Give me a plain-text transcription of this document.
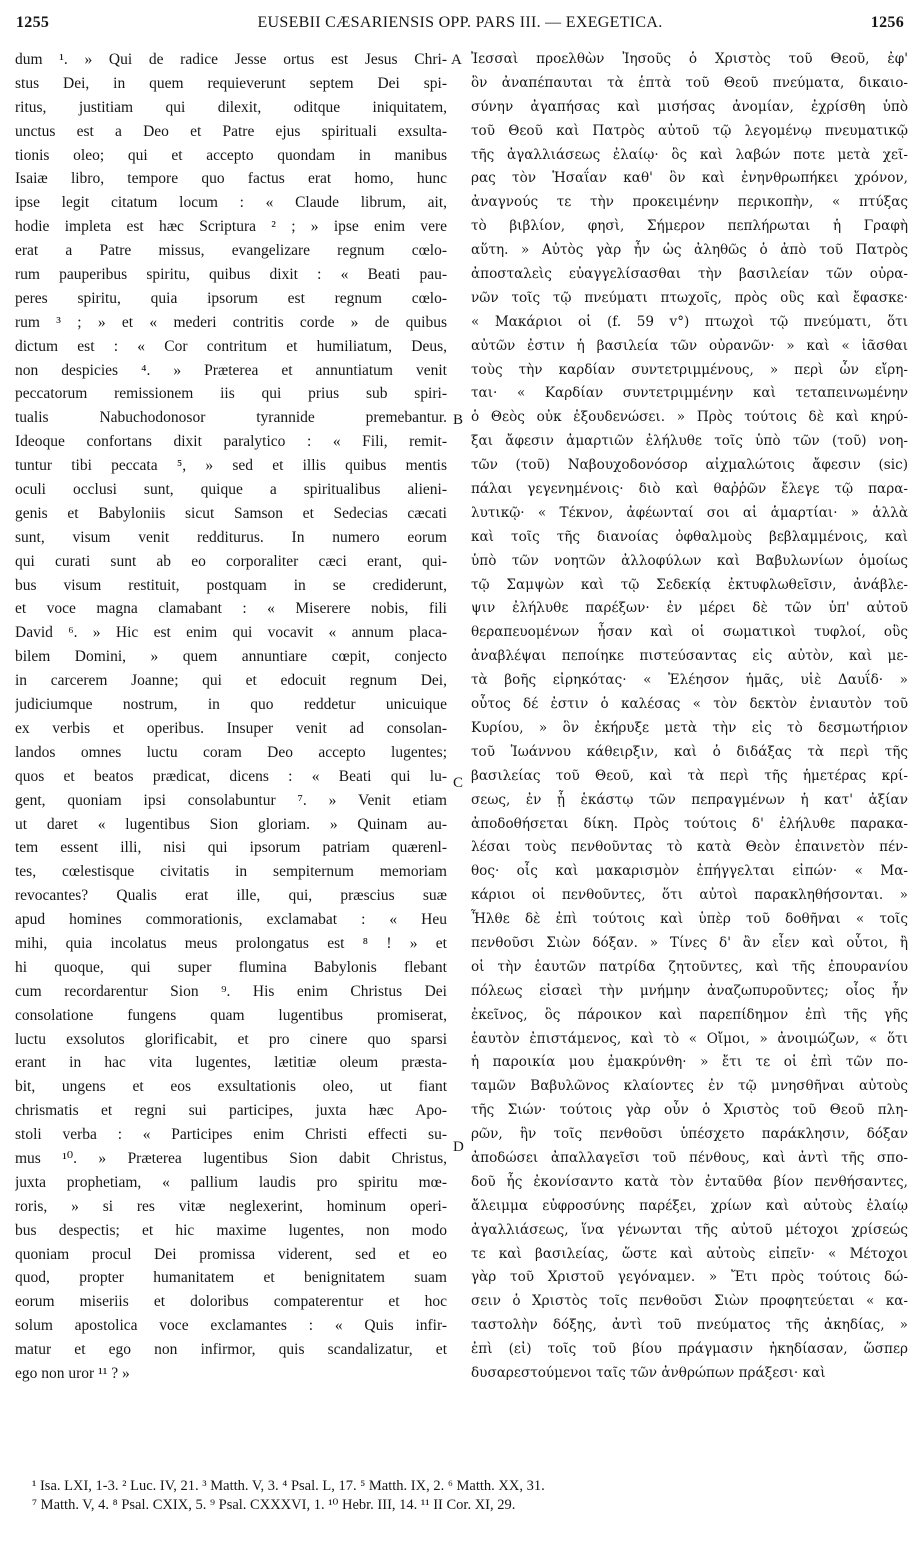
1255	EUSEBII CÆSARIENSIS OPP. PARS III. — EXEGETICA.	1256
dum ¹. » Qui de radice Jesse ortus est Jesus Chri-
stus Dei, in quem requieverunt septem Dei spi-
ritus, justitiam qui dilexit, oditque iniquitatem,
unctus est a Deo et Patre ejus spirituali exsulta-
tionis oleo; qui et accepto quondam in manibus
Isaiæ libro, tempore quo factus erat homo, hunc
ipse legit citatum locum : « Claude librum, ait,
hodie impleta est hæc Scriptura ² ; » ipse enim vere
erat a Patre missus, evangelizare regnum cœlo-
rum pauperibus spiritu, quibus dixit : « Beati pau-
peres spiritu, quia ipsorum est regnum cœlo-
rum ³ ; » et « mederi contritis corde » de quibus
dictum est : « Cor contritum et humiliatum, Deus,
non despicies ⁴. » Præterea et annuntiatum venit
peccatorum remissionem iis qui prius sub spiri-
tualis Nabuchodonosor tyrannide premebantur.
Ideoque confortans dixit paralytico : « Fili, remit-
tuntur tibi peccata ⁵, » sed et illis quibus mentis
oculi occlusi sunt, quique a spiritualibus alieni-
genis et Babyloniis sicut Samson et Sedecias cæcati
sunt, visum venit redditurus. In numero eorum
qui curati sunt ab eo corporaliter cæci erant, qui-
bus visum restituit, postquam in se crediderunt,
et voce magna clamabant : « Miserere nobis, fili
David ⁶. » Hic est enim qui vocavit « annum placa-
bilem Domini, » quem annuntiare cœpit, conjecto
in carcerem Joanne; qui et edocuit regnum Dei,
judiciumque nostrum, in quo reddetur unicuique
ex verbis et operibus. Insuper venit ad consolan-
landos omnes luctu coram Deo accepto lugentes;
quos et beatos prædicat, dicens : « Beati qui lu-
gent, quoniam ipsi consolabuntur ⁷. » Venit etiam
ut daret « lugentibus Sion gloriam. » Quinam au-
tem essent illi, nisi qui ipsorum patriam quærenl-
tes, cœlestisque civitatis in sempiternum memoriam
revocantes? Qualis erat ille, qui, præscius suæ
apud homines commorationis, exclamabat : « Heu
mihi, quia incolatus meus prolongatus est ⁸ ! » et
hi quoque, qui super flumina Babylonis flebant
cum recordarentur Sion ⁹. His enim Christus Dei
consolatione fungens quam lugentibus promiserat,
luctu exsolutos glorificabit, et pro cinere quo sparsi
erant in hac vita lugentes, lætitiæ oleum præsta-
bit, ungens et eos exsultationis oleo, ut fiant
chrismatis et regni sui participes, juxta hæc Apo-
stoli verba : « Participes enim Christi effecti su-
mus ¹⁰. » Præterea lugentibus Sion dabit Christus,
juxta prophetiam, « pallium laudis pro spiritu mœ-
roris, » si res vitæ neglexerint, hominum operi-
bus despectis; et hic maxime lugentes, non modo
quoniam procul Dei promissa viderent, sed et eo
quod, propter humanitatem et benignitatem suam
eorum miseriis et doloribus compaterentur et hoc
solum apostolica voce exclamantes : « Quis infir-
matur et ego non infirmor, quis scandalizatur, et
ego non uror ¹¹ ? »
A
B
C
D
Ἰεσσαὶ προελθὼν Ἰησοῦς ὁ Χριστὸς τοῦ Θεοῦ, ἐφ'
ὃν ἀναπέπαυται τὰ ἑπτὰ τοῦ Θεοῦ πνεύματα, δικαιο-
σύνην ἀγαπήσας καὶ μισήσας ἀνομίαν, ἐχρίσθη ὑπὸ
τοῦ Θεοῦ καὶ Πατρὸς αὐτοῦ τῷ λεγομένῳ πνευματικῷ
τῆς ἀγαλλιάσεως ἐλαίῳ· ὃς καὶ λαβών ποτε μετὰ χεῖ-
ρας τὸν Ἡσαΐαν καθ' ὃν καὶ ἐνηνθρωπήκει χρόνον,
ἀναγνούς τε τὴν προκειμένην περικοπὴν, « πτύξας
τὸ βιβλίον, φησὶ, Σήμερον πεπλήρωται ἡ Γραφὴ
αὕτη. » Αὐτὸς γὰρ ἦν ὡς ἀληθῶς ὁ ἀπὸ τοῦ Πατρὸς
ἀποσταλεὶς εὐαγγελίσασθαι τὴν βασιλείαν τῶν οὐρα-
νῶν τοῖς τῷ πνεύματι πτωχοῖς, πρὸς οὓς καὶ ἔφασκε·
« Μακάριοι οἱ (f. 59 v°) πτωχοὶ τῷ πνεύματι, ὅτι
αὐτῶν ἐστιν ἡ βασιλεία τῶν οὐρανῶν· » καὶ « ἰᾶσθαι
τοὺς τὴν καρδίαν συντετριμμένους, » περὶ ὧν εἴρη-
ται· « Καρδίαν συντετριμμένην καὶ τεταπεινωμένην
ὁ Θεὸς οὐκ ἐξουδενώσει. » Πρὸς τούτοις δὲ καὶ κηρύ-
ξαι ἄφεσιν ἁμαρτιῶν ἐλήλυθε τοῖς ὑπὸ τῶν (τοῦ) νοη-
τῶν (τοῦ) Ναβουχοδονόσορ αἰχμαλώτοις ἄφεσιν (sic)
πάλαι γεγενημένοις· διὸ καὶ θαῤῥῶν ἔλεγε τῷ παρα-
λυτικῷ· « Τέκνον, ἀφέωνταί σοι αἱ ἁμαρτίαι· » ἀλλὰ
καὶ τοῖς τῆς διανοίας ὀφθαλμοὺς βεβλαμμένοις, καὶ
ὑπὸ τῶν νοητῶν ἀλλοφύλων καὶ Βαβυλωνίων ὁμοίως
τῷ Σαμψὼν καὶ τῷ Σεδεκίᾳ ἐκτυφλωθεῖσιν, ἀνάβλε-
ψιν ἐλήλυθε παρέξων· ἐν μέρει δὲ τῶν ὑπ' αὐτοῦ
θεραπευομένων ἦσαν καὶ οἱ σωματικοὶ τυφλοί, οὓς
ἀναβλέψαι πεποίηκε πιστεύσαντας εἰς αὐτὸν, καὶ με-
τὰ βοῆς εἰρηκότας· « Ἐλέησον ἡμᾶς, υἱὲ Δαυΐδ· »
οὗτος δέ ἐστιν ὁ καλέσας « τὸν δεκτὸν ἐνιαυτὸν τοῦ
Κυρίου, » ὃν ἐκήρυξε μετὰ τὴν εἰς τὸ δεσμωτήριον
τοῦ Ἰωάννου κάθειρξιν, καὶ ὁ διδάξας τὰ περὶ τῆς
βασιλείας τοῦ Θεοῦ, καὶ τὰ περὶ τῆς ἡμετέρας κρί-
σεως, ἐν ᾗ ἑκάστῳ τῶν πεπραγμένων ἡ κατ' ἀξίαν
ἀποδοθήσεται δίκη. Πρὸς τούτοις δ' ἐλήλυθε παρακα-
λέσαι τοὺς πενθοῦντας τὸ κατὰ Θεὸν ἐπαινετὸν πέν-
θος· οἷς καὶ μακαρισμὸν ἐπήγγελται εἰπών· « Μα-
κάριοι οἱ πενθοῦντες, ὅτι αὐτοὶ παρακληθήσονται. »
Ἦλθε δὲ ἐπὶ τούτοις καὶ ὑπὲρ τοῦ δοθῆναι « τοῖς
πενθοῦσι Σιὼν δόξαν. » Τίνες δ' ἂν εἶεν καὶ οὗτοι, ἢ
οἱ τὴν ἑαυτῶν πατρίδα ζητοῦντες, καὶ τῆς ἐπουρανίου
πόλεως εἰσαεὶ τὴν μνήμην ἀναζωπυροῦντες; οἷος ἦν
ἐκεῖνος, ὃς πάροικον καὶ παρεπίδημον ἐπὶ τῆς γῆς
ἑαυτὸν ἐπιστάμενος, καὶ τὸ « Οἴμοι, » ἀνοιμώζων, « ὅτι
ἡ παροικία μου ἐμακρύνθη· » ἔτι τε οἱ ἐπὶ τῶν πο-
ταμῶν Βαβυλῶνος κλαίοντες ἐν τῷ μνησθῆναι αὐτοὺς
τῆς Σιών· τούτοις γὰρ οὖν ὁ Χριστὸς τοῦ Θεοῦ πλη-
ρῶν, ἣν τοῖς πενθοῦσι ὑπέσχετο παράκλησιν, δόξαν
ἀποδώσει ἀπαλλαγεῖσι τοῦ πένθους, καὶ ἀντὶ τῆς σπο-
δοῦ ἧς ἐκονίσαντο κατὰ τὸν ἐνταῦθα βίον πενθήσαντες,
ἄλειμμα εὐφροσύνης παρέξει, χρίων καὶ αὐτοὺς ἐλαίῳ
ἀγαλλιάσεως, ἵνα γένωνται τῆς αὐτοῦ μέτοχοι χρίσεώς
τε καὶ βασιλείας, ὥστε καὶ αὐτοὺς εἰπεῖν· « Μέτοχοι
γὰρ τοῦ Χριστοῦ γεγόναμεν. » Ἔτι πρὸς τούτοις δώ-
σειν ὁ Χριστὸς τοῖς πενθοῦσι Σιὼν προφητεύεται « κα-
ταστολὴν δόξης, ἀντὶ τοῦ πνεύματος τῆς ἀκηδίας, »
ἐπὶ (εἰ) τοῖς τοῦ βίου πράγμασιν ἠκηδίασαν, ὥσπερ
δυσαρεστούμενοι ταῖς τῶν ἀνθρώπων πράξεσι· καὶ
¹ Isa. LXI, 1-3. ² Luc. IV, 21. ³ Matth. V, 3. ⁴ Psal. L, 17. ⁵ Matth. IX, 2. ⁶ Matth. XX, 31.
⁷ Matth. V, 4. ⁸ Psal. CXIX, 5. ⁹ Psal. CXXXVI, 1. ¹⁰ Hebr. III, 14. ¹¹ II Cor. XI, 29.
